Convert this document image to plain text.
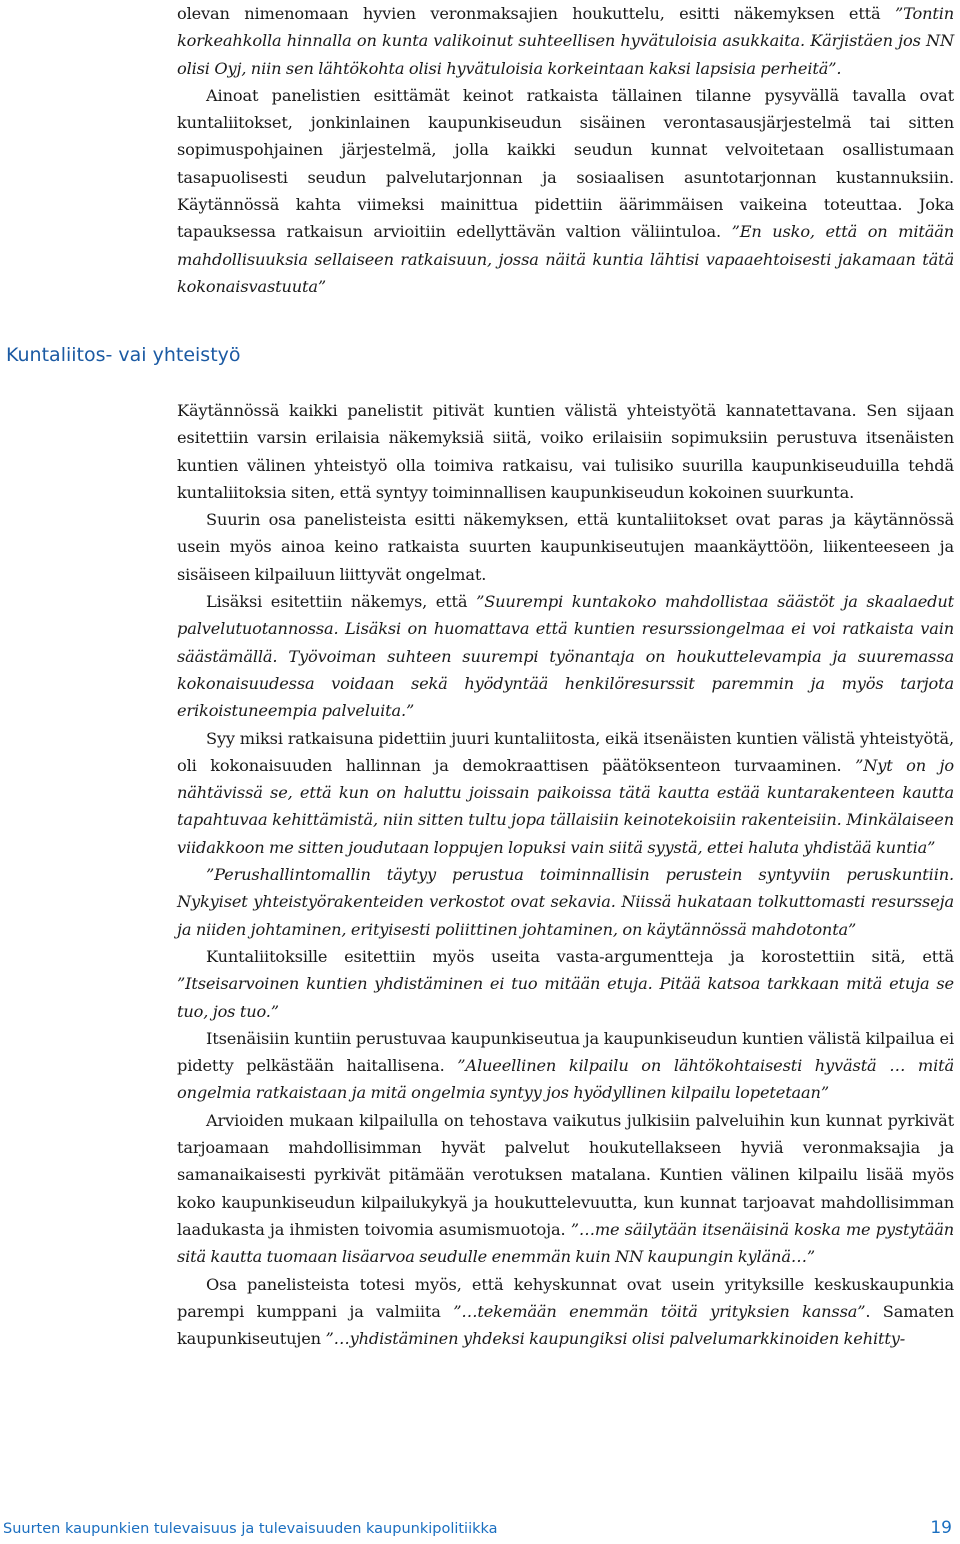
olevan nimenomaan hyvien veronmaksajien houkuttelu, esitti näkemyksen että ”Tontin korkeahkolla hinnalla on kunta valikoinut suhteellisen hyvätuloisia asukkaita. Kärjistäen jos NN olisi Oyj, niin sen lähtökohta olisi hyvätuloisia korkeintaan kaksi lapsisia perheitä”.

Ainoat panelistien esittämät keinot ratkaista tällainen tilanne pysyvällä tavalla ovat kuntaliitokset, jonkinlainen kaupunkiseudun sisäinen verontasausjärjestelmä tai sitten sopimuspohjainen järjestelmä, jolla kaikki seudun kunnat velvoitetaan osallistumaan tasapuolisesti seudun palvelutarjonnan ja sosiaalisen asuntotarjonnan kustannuksiin. Käytännössä kahta viimeksi mainittua pidettiin äärimmäisen vaikeina toteuttaa. Joka tapauksessa ratkaisun arvioitiin edellyttävän valtion väliintuloa. ”En usko, että on mitään mahdollisuuksia sellaiseen ratkaisuun, jossa näitä kuntia lähtisi vapaaehtoisesti jakamaan tätä kokonaisvastuuta”

Kuntaliitos- vai yhteistyö

Käytännössä kaikki panelistit pitivät kuntien välistä yhteistyötä kannatettavana. Sen sijaan esitettiin varsin erilaisia näkemyksiä siitä, voiko erilaisiin sopimuksiin perustuva itsenäisten kuntien välinen yhteistyö olla toimiva ratkaisu, vai tulisiko suurilla kaupunkiseuduilla tehdä kuntaliitoksia siten, että syntyy toiminnallisen kaupunkiseudun kokoinen suurkunta.

Suurin osa panelisteista esitti näkemyksen, että kuntaliitokset ovat paras ja käytännössä usein myös ainoa keino ratkaista suurten kaupunkiseutujen maankäyttöön, liikenteeseen ja sisäiseen kilpailuun liittyvät ongelmat.

Lisäksi esitettiin näkemys, että ”Suurempi kuntakoko mahdollistaa säästöt ja skaalaedut palvelutuotannossa. Lisäksi on huomattava että kuntien resurssiongelmaa ei voi ratkaista vain säästämällä. Työvoiman suhteen suurempi työnantaja on houkuttelevampia ja suuremassa kokonaisuudessa voidaan sekä hyödyntää henkilöresurssit paremmin ja myös tarjota erikoistuneempia palveluita.”

Syy miksi ratkaisuna pidettiin juuri kuntaliitosta, eikä itsenäisten kuntien välistä yhteistyötä, oli kokonaisuuden hallinnan ja demokraattisen päätöksenteon turvaaminen. ”Nyt on jo nähtävissä se, että kun on haluttu joissain paikoissa tätä kautta estää kuntarakenteen kautta tapahtuvaa kehittämistä, niin sitten tultu jopa tällaisiin keinotekoisiin rakenteisiin. Minkälaiseen viidakkoon me sitten joudutaan loppujen lopuksi vain siitä syystä, ettei haluta yhdistää kuntia”

”Perushallintomallin täytyy perustua toiminnallisin perustein syntyviin peruskuntiin. Nykyiset yhteistyörakenteiden verkostot ovat sekavia. Niissä hukataan tolkuttomasti resursseja ja niiden johtaminen, erityisesti poliittinen johtaminen, on käytännössä mahdotonta”

Kuntaliitoksille esitettiin myös useita vasta-argumentteja ja korostettiin sitä, että ”Itseisarvoinen kuntien yhdistäminen ei tuo mitään etuja. Pitää katsoa tarkkaan mitä etuja se tuo, jos tuo.”

Itsenäisiin kuntiin perustuvaa kaupunkiseutua ja kaupunkiseudun kuntien välistä kilpailua ei pidetty pelkästään haitallisena. ”Alueellinen kilpailu on lähtökohtaisesti hyvästä … mitä ongelmia ratkaistaan ja mitä ongelmia syntyy jos hyödyllinen kilpailu lopetetaan”

Arvioiden mukaan kilpailulla on tehostava vaikutus julkisiin palveluihin kun kunnat pyrkivät tarjoamaan mahdollisimman hyvät palvelut houkutellakseen hyviä veronmaksajia ja samanaikaisesti pyrkivät pitämään verotuksen matalana. Kuntien välinen kilpailu lisää myös koko kaupunkiseudun kilpailukykyä ja houkuttelevuutta, kun kunnat tarjoavat mahdollisimman laadukasta ja ihmisten toivomia asumismuotoja. ”…me säilytään itsenäisinä koska me pystytään sitä kautta tuomaan lisäarvoa seudulle enemmän kuin NN kaupungin kylänä…”

Osa panelisteista totesi myös, että kehyskunnat ovat usein yrityksille keskuskaupunkia parempi kumppani ja valmiita ”…tekemään enemmän töitä yrityksien kanssa”. Samaten kaupunkiseutujen ”…yhdistäminen yhdeksi kaupungiksi olisi palvelumarkkinoiden kehitty-

Suurten kaupunkien tulevaisuus ja tulevaisuuden kaupunkipolitiikka	19
